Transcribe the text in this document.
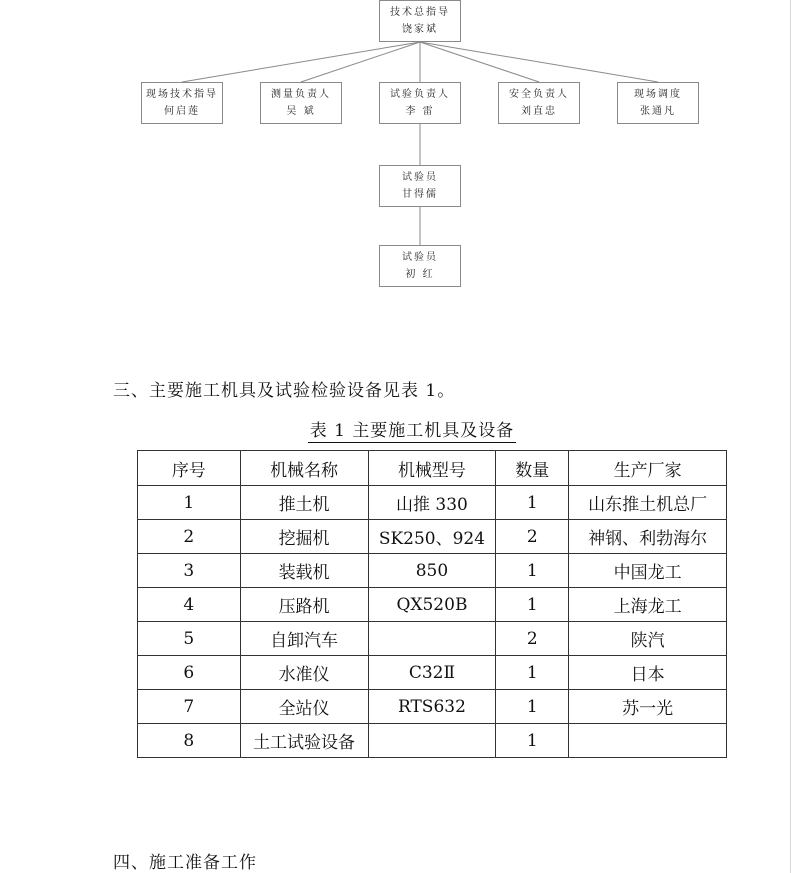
技术总指导
饶家斌
现场技术指导
何启莲
测量负责人
吴 斌
试验负责人
李 雷
安全负责人
刘直忠
现场调度
张通凡
试验员
甘得儒
试验员
初 红
三、主要施工机具及试验检验设备见表 1。
表 1 主要施工机具及设备
序号	机械名称	机械型号	数量	生产厂家
1	推土机	山推 330	1	山东推土机总厂
2	挖掘机	SK250、924	2	神钢、利勃海尔
3	装载机	850	1	中国龙工
4	压路机	QX520B	1	上海龙工
5	自卸汽车		2	陕汽
6	水准仪	C32Ⅱ	1	日本
7	全站仪	RTS632	1	苏一光
8	土工试验设备		1	
四、施工准备工作
